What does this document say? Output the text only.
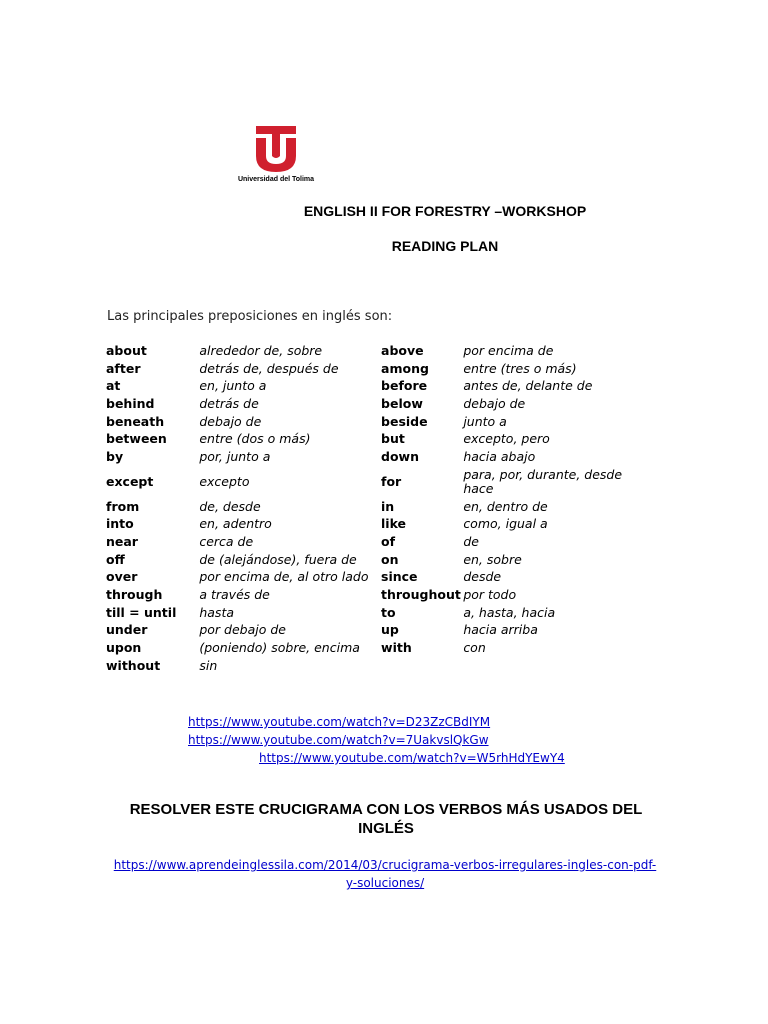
Universidad del Tolima
ENGLISH II FOR FORESTRY –WORKSHOP
READING PLAN
Las principales preposiciones en inglés son:
about	alrededor de, sobre	above	por encima de
after	detrás de, después de	among	entre (tres o más)
at	en, junto a	before	antes de, delante de
behind	detrás de	below	debajo de
beneath	debajo de	beside	junto a
between	entre (dos o más)	but	excepto, pero
by	por, junto a	down	hacia abajo
except	excepto	for	para, por, durante, desde hace
from	de, desde	in	en, dentro de
into	en, adentro	like	como, igual a
near	cerca de	of	de
off	de (alejándose), fuera de	on	en, sobre
over	por encima de, al otro lado	since	desde
through	a través de	throughout	por todo
till = until	hasta	to	a, hasta, hacia
under	por debajo de	up	hacia arriba
upon	(poniendo) sobre, encima	with	con
without	sin		
https://www.youtube.com/watch?v=D23ZzCBdIYM
https://www.youtube.com/watch?v=7UakvslQkGw
https://www.youtube.com/watch?v=W5rhHdYEwY4
RESOLVER ESTE CRUCIGRAMA CON LOS VERBOS MÁS USADOS DEL INGLÉS
https://www.aprendeinglessila.com/2014/03/crucigrama-verbos-irregulares-ingles-con-pdf-y-soluciones/
